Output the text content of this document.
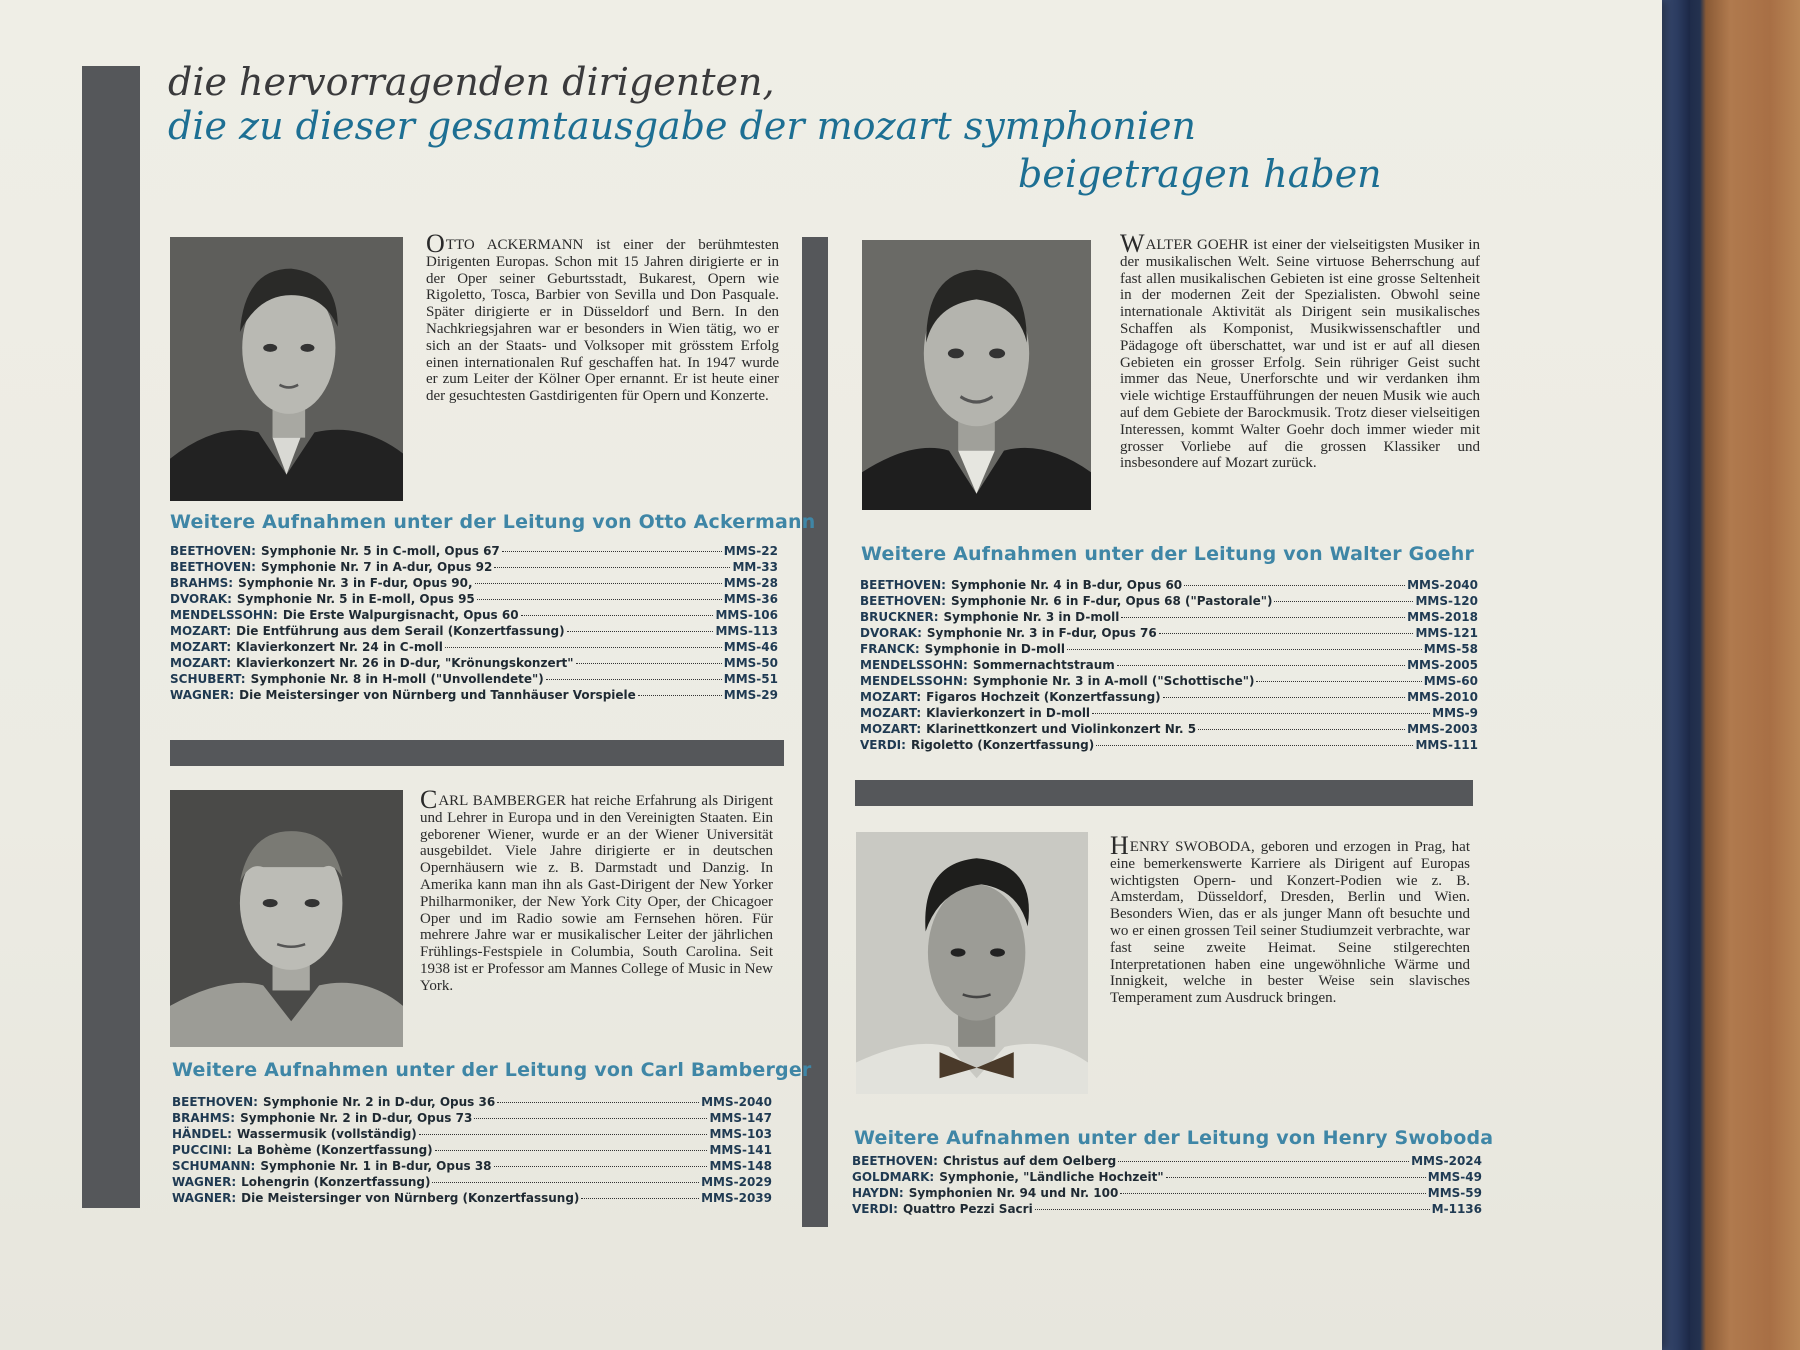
die hervorragenden dirigenten,
die zu dieser gesamtausgabe der mozart symphonien
beigetragen haben

OTTO ACKERMANN ist einer der berühmtesten Dirigenten Europas. Schon mit 15 Jahren dirigierte er in der Oper seiner Geburtsstadt, Bukarest, Opern wie Rigoletto, Tosca, Barbier von Sevilla und Don Pasquale. Später dirigierte er in Düsseldorf und Bern. In den Nachkriegsjahren war er besonders in Wien tätig, wo er sich an der Staats- und Volksoper mit grösstem Erfolg einen internationalen Ruf geschaffen hat. In 1947 wurde er zum Leiter der Kölner Oper ernannt. Er ist heute einer der gesuchtesten Gastdirigenten für Opern und Konzerte.

Weitere Aufnahmen unter der Leitung von Otto Ackermann
BEETHOVEN: Symphonie Nr. 5 in C-moll, Opus 67	MMS-22
BEETHOVEN: Symphonie Nr. 7 in A-dur, Opus 92	MM-33
BRAHMS: Symphonie Nr. 3 in F-dur, Opus 90,	MMS-28
DVORAK: Symphonie Nr. 5 in E-moll, Opus 95	MMS-36
MENDELSSOHN: Die Erste Walpurgisnacht, Opus 60	MMS-106
MOZART: Die Entführung aus dem Serail (Konzertfassung)	MMS-113
MOZART: Klavierkonzert Nr. 24 in C-moll	MMS-46
MOZART: Klavierkonzert Nr. 26 in D-dur, "Krönungskonzert"	MMS-50
SCHUBERT: Symphonie Nr. 8 in H-moll ("Unvollendete")	MMS-51
WAGNER: Die Meistersinger von Nürnberg und Tannhäuser Vorspiele	MMS-29

WALTER GOEHR ist einer der vielseitigsten Musiker in der musikalischen Welt. Seine virtuose Beherrschung auf fast allen musikalischen Gebieten ist eine grosse Seltenheit in der modernen Zeit der Spezialisten. Obwohl seine internationale Aktivität als Dirigent sein musikalisches Schaffen als Komponist, Musikwissenschaftler und Pädagoge oft überschattet, war und ist er auf all diesen Gebieten ein grosser Erfolg. Sein rühriger Geist sucht immer das Neue, Unerforschte und wir verdanken ihm viele wichtige Erstaufführungen der neuen Musik wie auch auf dem Gebiete der Barockmusik. Trotz dieser vielseitigen Interessen, kommt Walter Goehr doch immer wieder mit grosser Vorliebe auf die grossen Klassiker und insbesondere auf Mozart zurück.

Weitere Aufnahmen unter der Leitung von Walter Goehr
BEETHOVEN: Symphonie Nr. 4 in B-dur, Opus 60	MMS-2040
BEETHOVEN: Symphonie Nr. 6 in F-dur, Opus 68 ("Pastorale")	MMS-120
BRUCKNER: Symphonie Nr. 3 in D-moll	MMS-2018
DVORAK: Symphonie Nr. 3 in F-dur, Opus 76	MMS-121
FRANCK: Symphonie in D-moll	MMS-58
MENDELSSOHN: Sommernachtstraum	MMS-2005
MENDELSSOHN: Symphonie Nr. 3 in A-moll ("Schottische")	MMS-60
MOZART: Figaros Hochzeit (Konzertfassung)	MMS-2010
MOZART: Klavierkonzert in D-moll	MMS-9
MOZART: Klarinettkonzert und Violinkonzert Nr. 5	MMS-2003
VERDI: Rigoletto (Konzertfassung)	MMS-111

CARL BAMBERGER hat reiche Erfahrung als Dirigent und Lehrer in Europa und in den Vereinigten Staaten. Ein geborener Wiener, wurde er an der Wiener Universität ausgebildet. Viele Jahre dirigierte er in deutschen Opernhäusern wie z. B. Darmstadt und Danzig. In Amerika kann man ihn als Gast-Dirigent der New Yorker Philharmoniker, der New York City Oper, der Chicagoer Oper und im Radio sowie am Fernsehen hören. Für mehrere Jahre war er musikalischer Leiter der jährlichen Frühlings-Festspiele in Columbia, South Carolina. Seit 1938 ist er Professor am Mannes College of Music in New York.

Weitere Aufnahmen unter der Leitung von Carl Bamberger
BEETHOVEN: Symphonie Nr. 2 in D-dur, Opus 36	MMS-2040
BRAHMS: Symphonie Nr. 2 in D-dur, Opus 73	MMS-147
HÄNDEL: Wassermusik (vollständig)	MMS-103
PUCCINI: La Bohème (Konzertfassung)	MMS-141
SCHUMANN: Symphonie Nr. 1 in B-dur, Opus 38	MMS-148
WAGNER: Lohengrin (Konzertfassung)	MMS-2029
WAGNER: Die Meistersinger von Nürnberg (Konzertfassung)	MMS-2039

HENRY SWOBODA, geboren und erzogen in Prag, hat eine bemerkenswerte Karriere als Dirigent auf Europas wichtigsten Opern- und Konzert-Podien wie z. B. Amsterdam, Düsseldorf, Dresden, Berlin und Wien. Besonders Wien, das er als junger Mann oft besuchte und wo er einen grossen Teil seiner Studiumzeit verbrachte, war fast seine zweite Heimat. Seine stilgerechten Interpretationen haben eine ungewöhnliche Wärme und Innigkeit, welche in bester Weise sein slavisches Temperament zum Ausdruck bringen.

Weitere Aufnahmen unter der Leitung von Henry Swoboda
BEETHOVEN: Christus auf dem Oelberg	MMS-2024
GOLDMARK: Symphonie, "Ländliche Hochzeit"	MMS-49
HAYDN: Symphonien Nr. 94 und Nr. 100	MMS-59
VERDI: Quattro Pezzi Sacri	M-1136
